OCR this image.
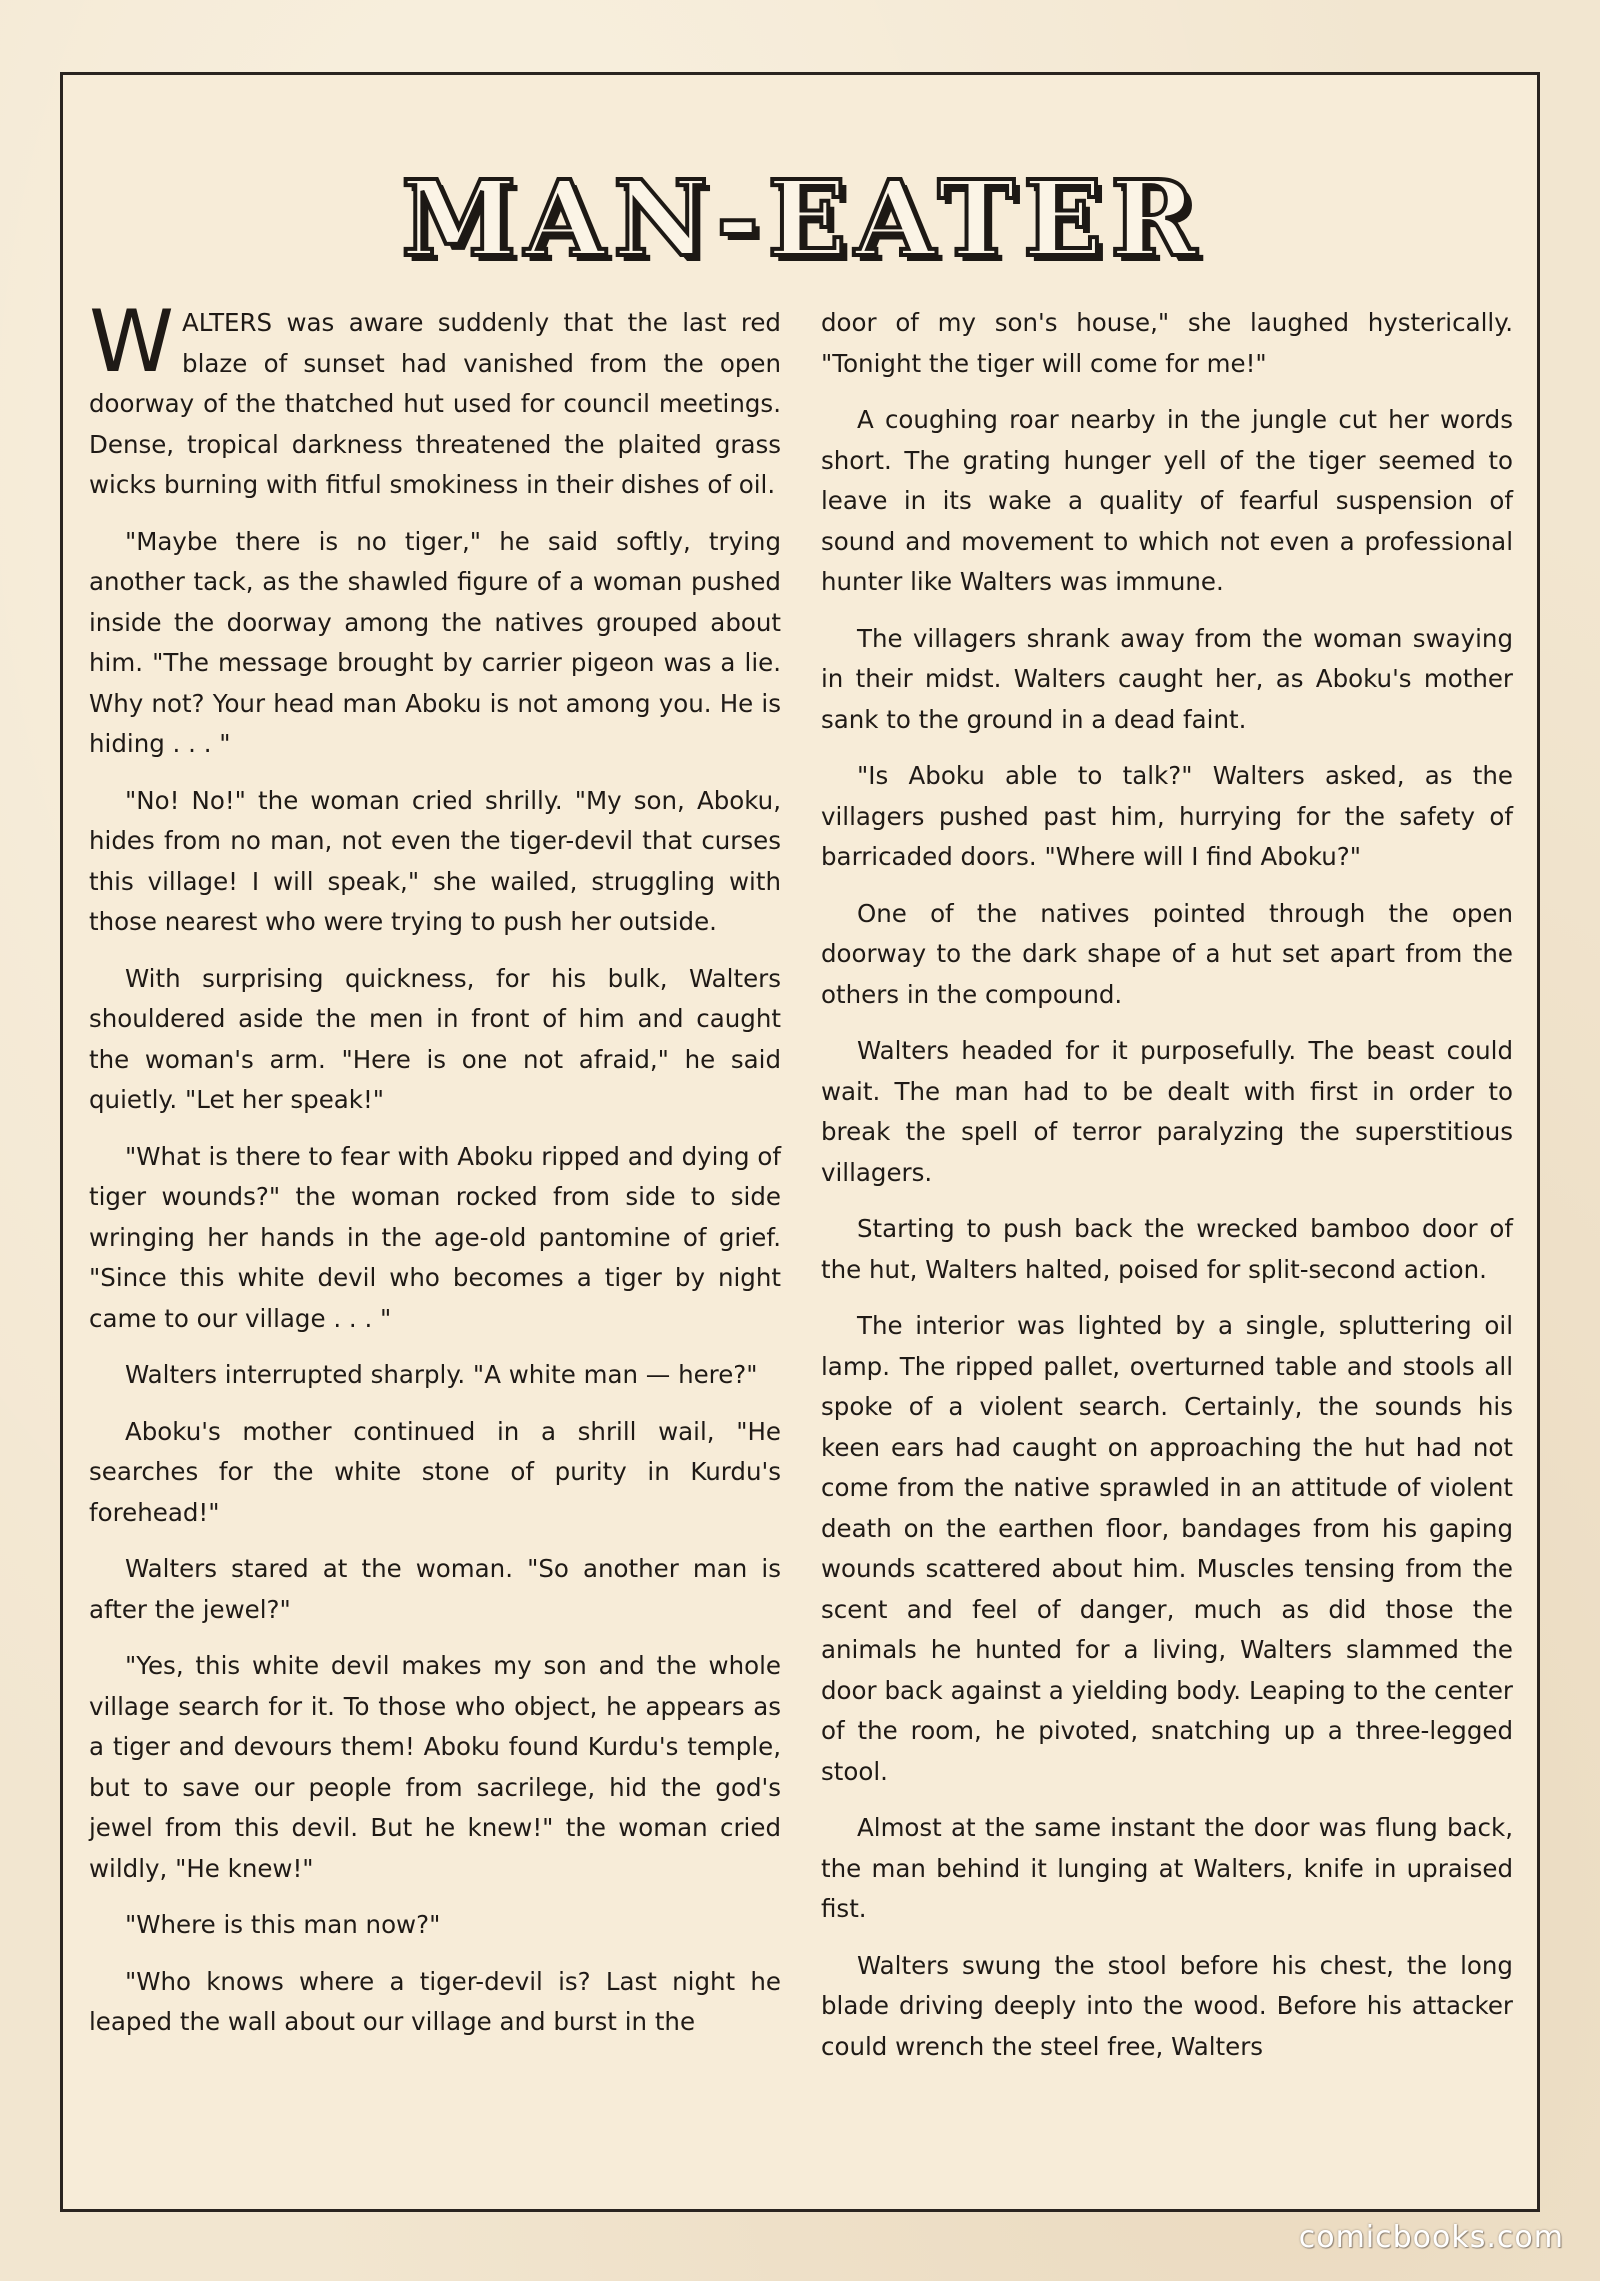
MAN-EATER

WALTERS was aware suddenly that the last red blaze of sunset had vanished from the open doorway of the thatched hut used for council meetings. Dense, tropical darkness threatened the plaited grass wicks burning with fitful smokiness in their dishes of oil.

"Maybe there is no tiger," he said softly, trying another tack, as the shawled figure of a woman pushed inside the doorway among the natives grouped about him. "The message brought by carrier pigeon was a lie. Why not? Your head man Aboku is not among you. He is hiding . . . "

"No! No!" the woman cried shrilly. "My son, Aboku, hides from no man, not even the tiger-devil that curses this village! I will speak," she wailed, struggling with those nearest who were trying to push her outside.

With surprising quickness, for his bulk, Walters shouldered aside the men in front of him and caught the woman's arm. "Here is one not afraid," he said quietly. "Let her speak!"

"What is there to fear with Aboku ripped and dying of tiger wounds?" the woman rocked from side to side wringing her hands in the age-old pantomine of grief. "Since this white devil who becomes a tiger by night came to our village . . . "

Walters interrupted sharply. "A white man — here?"

Aboku's mother continued in a shrill wail, "He searches for the white stone of purity in Kurdu's forehead!"

Walters stared at the woman. "So another man is after the jewel?"

"Yes, this white devil makes my son and the whole village search for it. To those who object, he appears as a tiger and devours them! Aboku found Kurdu's temple, but to save our people from sacrilege, hid the god's jewel from this devil. But he knew!" the woman cried wildly, "He knew!"

"Where is this man now?"

"Who knows where a tiger-devil is? Last night he leaped the wall about our village and burst in the

door of my son's house," she laughed hysterically. "Tonight the tiger will come for me!"

A coughing roar nearby in the jungle cut her words short. The grating hunger yell of the tiger seemed to leave in its wake a quality of fearful suspension of sound and movement to which not even a professional hunter like Walters was immune.

The villagers shrank away from the woman swaying in their midst. Walters caught her, as Aboku's mother sank to the ground in a dead faint.

"Is Aboku able to talk?" Walters asked, as the villagers pushed past him, hurrying for the safety of barricaded doors. "Where will I find Aboku?"

One of the natives pointed through the open doorway to the dark shape of a hut set apart from the others in the compound.

Walters headed for it purposefully. The beast could wait. The man had to be dealt with first in order to break the spell of terror paralyzing the superstitious villagers.

Starting to push back the wrecked bamboo door of the hut, Walters halted, poised for split-second action.

The interior was lighted by a single, spluttering oil lamp. The ripped pallet, overturned table and stools all spoke of a violent search. Certainly, the sounds his keen ears had caught on approaching the hut had not come from the native sprawled in an attitude of violent death on the earthen floor, bandages from his gaping wounds scattered about him. Muscles tensing from the scent and feel of danger, much as did those the animals he hunted for a living, Walters slammed the door back against a yielding body. Leaping to the center of the room, he pivoted, snatching up a three-legged stool.

Almost at the same instant the door was flung back, the man behind it lunging at Walters, knife in upraised fist.

Walters swung the stool before his chest, the long blade driving deeply into the wood. Before his attacker could wrench the steel free, Walters

comicbooks.com
